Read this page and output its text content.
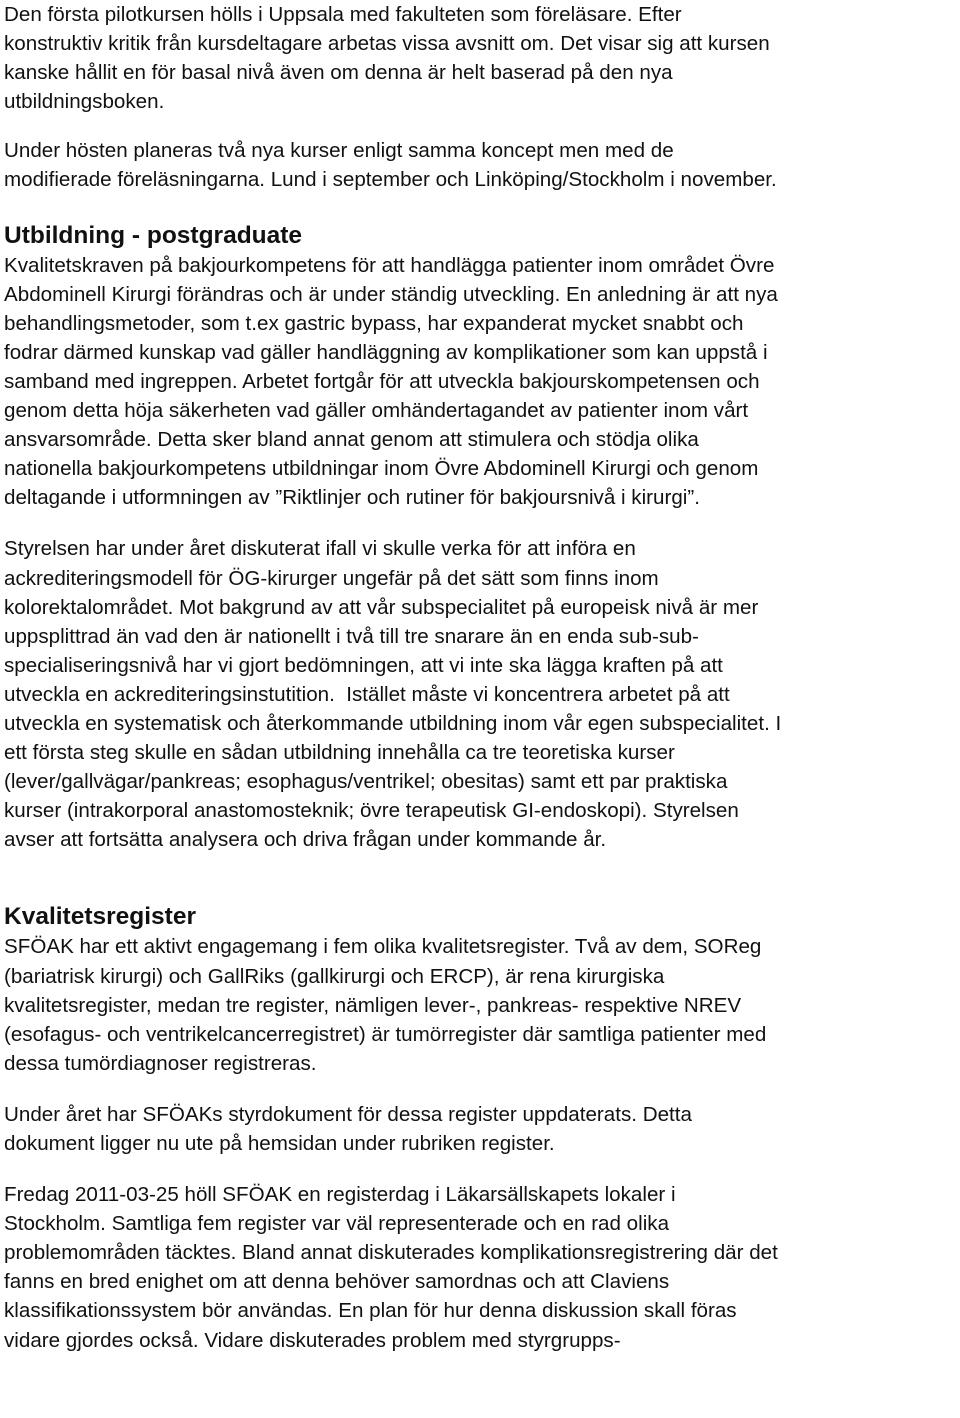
Den första pilotkursen hölls i Uppsala med fakulteten som föreläsare. Efter
konstruktiv kritik från kursdeltagare arbetas vissa avsnitt om. Det visar sig att kursen
kanske hållit en för basal nivå även om denna är helt baserad på den nya
utbildningsboken.
Under hösten planeras två nya kurser enligt samma koncept men med de
modifierade föreläsningarna. Lund i september och Linköping/Stockholm i november.
Utbildning - postgraduate
Kvalitetskraven på bakjourkompetens för att handlägga patienter inom området Övre
Abdominell Kirurgi förändras och är under ständig utveckling. En anledning är att nya
behandlingsmetoder, som t.ex gastric bypass, har expanderat mycket snabbt och
fodrar därmed kunskap vad gäller handläggning av komplikationer som kan uppstå i
samband med ingreppen. Arbetet fortgår för att utveckla bakjourskompetensen och
genom detta höja säkerheten vad gäller omhändertagandet av patienter inom vårt
ansvarsområde. Detta sker bland annat genom att stimulera och stödja olika
nationella bakjourkompetens utbildningar inom Övre Abdominell Kirurgi och genom
deltagande i utformningen av ”Riktlinjer och rutiner för bakjoursnivå i kirurgi”.
Styrelsen har under året diskuterat ifall vi skulle verka för att införa en
ackrediteringsmodell för ÖG-kirurger ungefär på det sätt som finns inom
kolorektalområdet. Mot bakgrund av att vår subspecialitet på europeisk nivå är mer
uppsplittrad än vad den är nationellt i två till tre snarare än en enda sub-sub-
specialiseringsnivå har vi gjort bedömningen, att vi inte ska lägga kraften på att
utveckla en ackrediteringsinstutition.  Istället måste vi koncentrera arbetet på att
utveckla en systematisk och återkommande utbildning inom vår egen subspecialitet. I
ett första steg skulle en sådan utbildning innehålla ca tre teoretiska kurser
(lever/gallvägar/pankreas; esophagus/ventrikel; obesitas) samt ett par praktiska
kurser (intrakorporal anastomosteknik; övre terapeutisk GI-endoskopi). Styrelsen
avser att fortsätta analysera och driva frågan under kommande år.
Kvalitetsregister
SFÖAK har ett aktivt engagemang i fem olika kvalitetsregister. Två av dem, SOReg
(bariatrisk kirurgi) och GallRiks (gallkirurgi och ERCP), är rena kirurgiska
kvalitetsregister, medan tre register, nämligen lever-, pankreas- respektive NREV
(esofagus- och ventrikelcancerregistret) är tumörregister där samtliga patienter med
dessa tumördiagnoser registreras.
Under året har SFÖAKs styrdokument för dessa register uppdaterats. Detta
dokument ligger nu ute på hemsidan under rubriken register.
Fredag 2011-03-25 höll SFÖAK en registerdag i Läkarsällskapets lokaler i
Stockholm. Samtliga fem register var väl representerade och en rad olika
problemområden täcktes. Bland annat diskuterades komplikationsregistrering där det
fanns en bred enighet om att denna behöver samordnas och att Claviens
klassifikationssystem bör användas. En plan för hur denna diskussion skall föras
vidare gjordes också. Vidare diskuterades problem med styrgrupps-
